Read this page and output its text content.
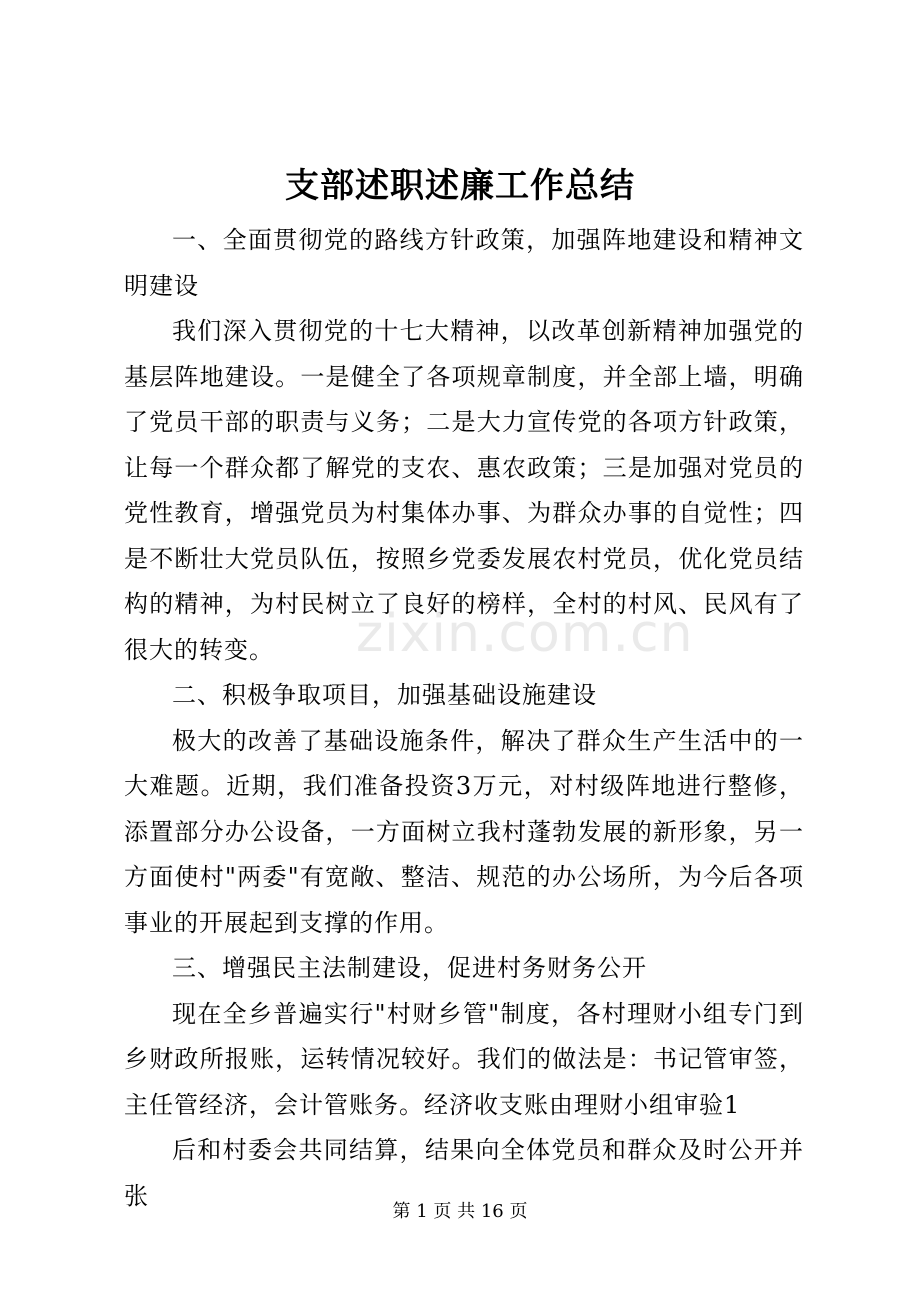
支部述职述廉工作总结

一、全面贯彻党的路线方针政策，加强阵地建设和精神文明建设

我们深入贯彻党的十七大精神，以改革创新精神加强党的基层阵地建设。一是健全了各项规章制度，并全部上墙，明确了党员干部的职责与义务；二是大力宣传党的各项方针政策，让每一个群众都了解党的支农、惠农政策；三是加强对党员的党性教育，增强党员为村集体办事、为群众办事的自觉性；四是不断壮大党员队伍，按照乡党委发展农村党员，优化党员结构的精神，为村民树立了良好的榜样，全村的村风、民风有了很大的转变。

二、积极争取项目，加强基础设施建设

极大的改善了基础设施条件，解决了群众生产生活中的一大难题。近期，我们准备投资3万元，对村级阵地进行整修，添置部分办公设备，一方面树立我村蓬勃发展的新形象，另一方面使村"两委"有宽敞、整洁、规范的办公场所，为今后各项事业的开展起到支撑的作用。

三、增强民主法制建设，促进村务财务公开

现在全乡普遍实行"村财乡管"制度，各村理财小组专门到乡财政所报账，运转情况较好。我们的做法是：书记管审签，主任管经济，会计管账务。经济收支账由理财小组审验1

后和村委会共同结算，结果向全体党员和群众及时公开并张

zixin.com.cn
第 1 页 共 16 页
